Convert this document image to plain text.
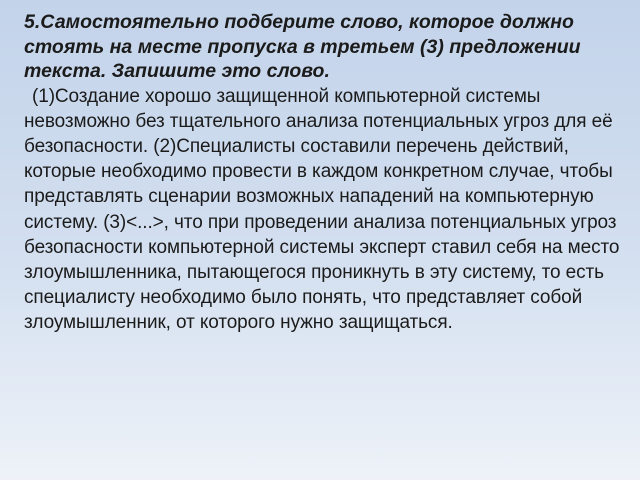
5.Самостоятельно подберите слово, которое должно стоять на месте пропуска в третьем (3) предложении текста. Запишите это слово.

(1)Создание хорошо защищенной компьютерной системы невозможно без тщательного анализа потенциальных угроз для её безопасности. (2)Специалисты составили перечень действий, которые необходимо провести в каждом конкретном случае, чтобы представлять сценарии возможных нападений на компьютерную систему. (3)<...>, что при проведении анализа потенциальных угроз безопасности компьютерной системы эксперт ставил себя на место злоумышленника, пытающегося проникнуть в эту систему, то есть специалисту необходимо было понять, что представляет собой злоумышленник, от которого нужно защищаться.
